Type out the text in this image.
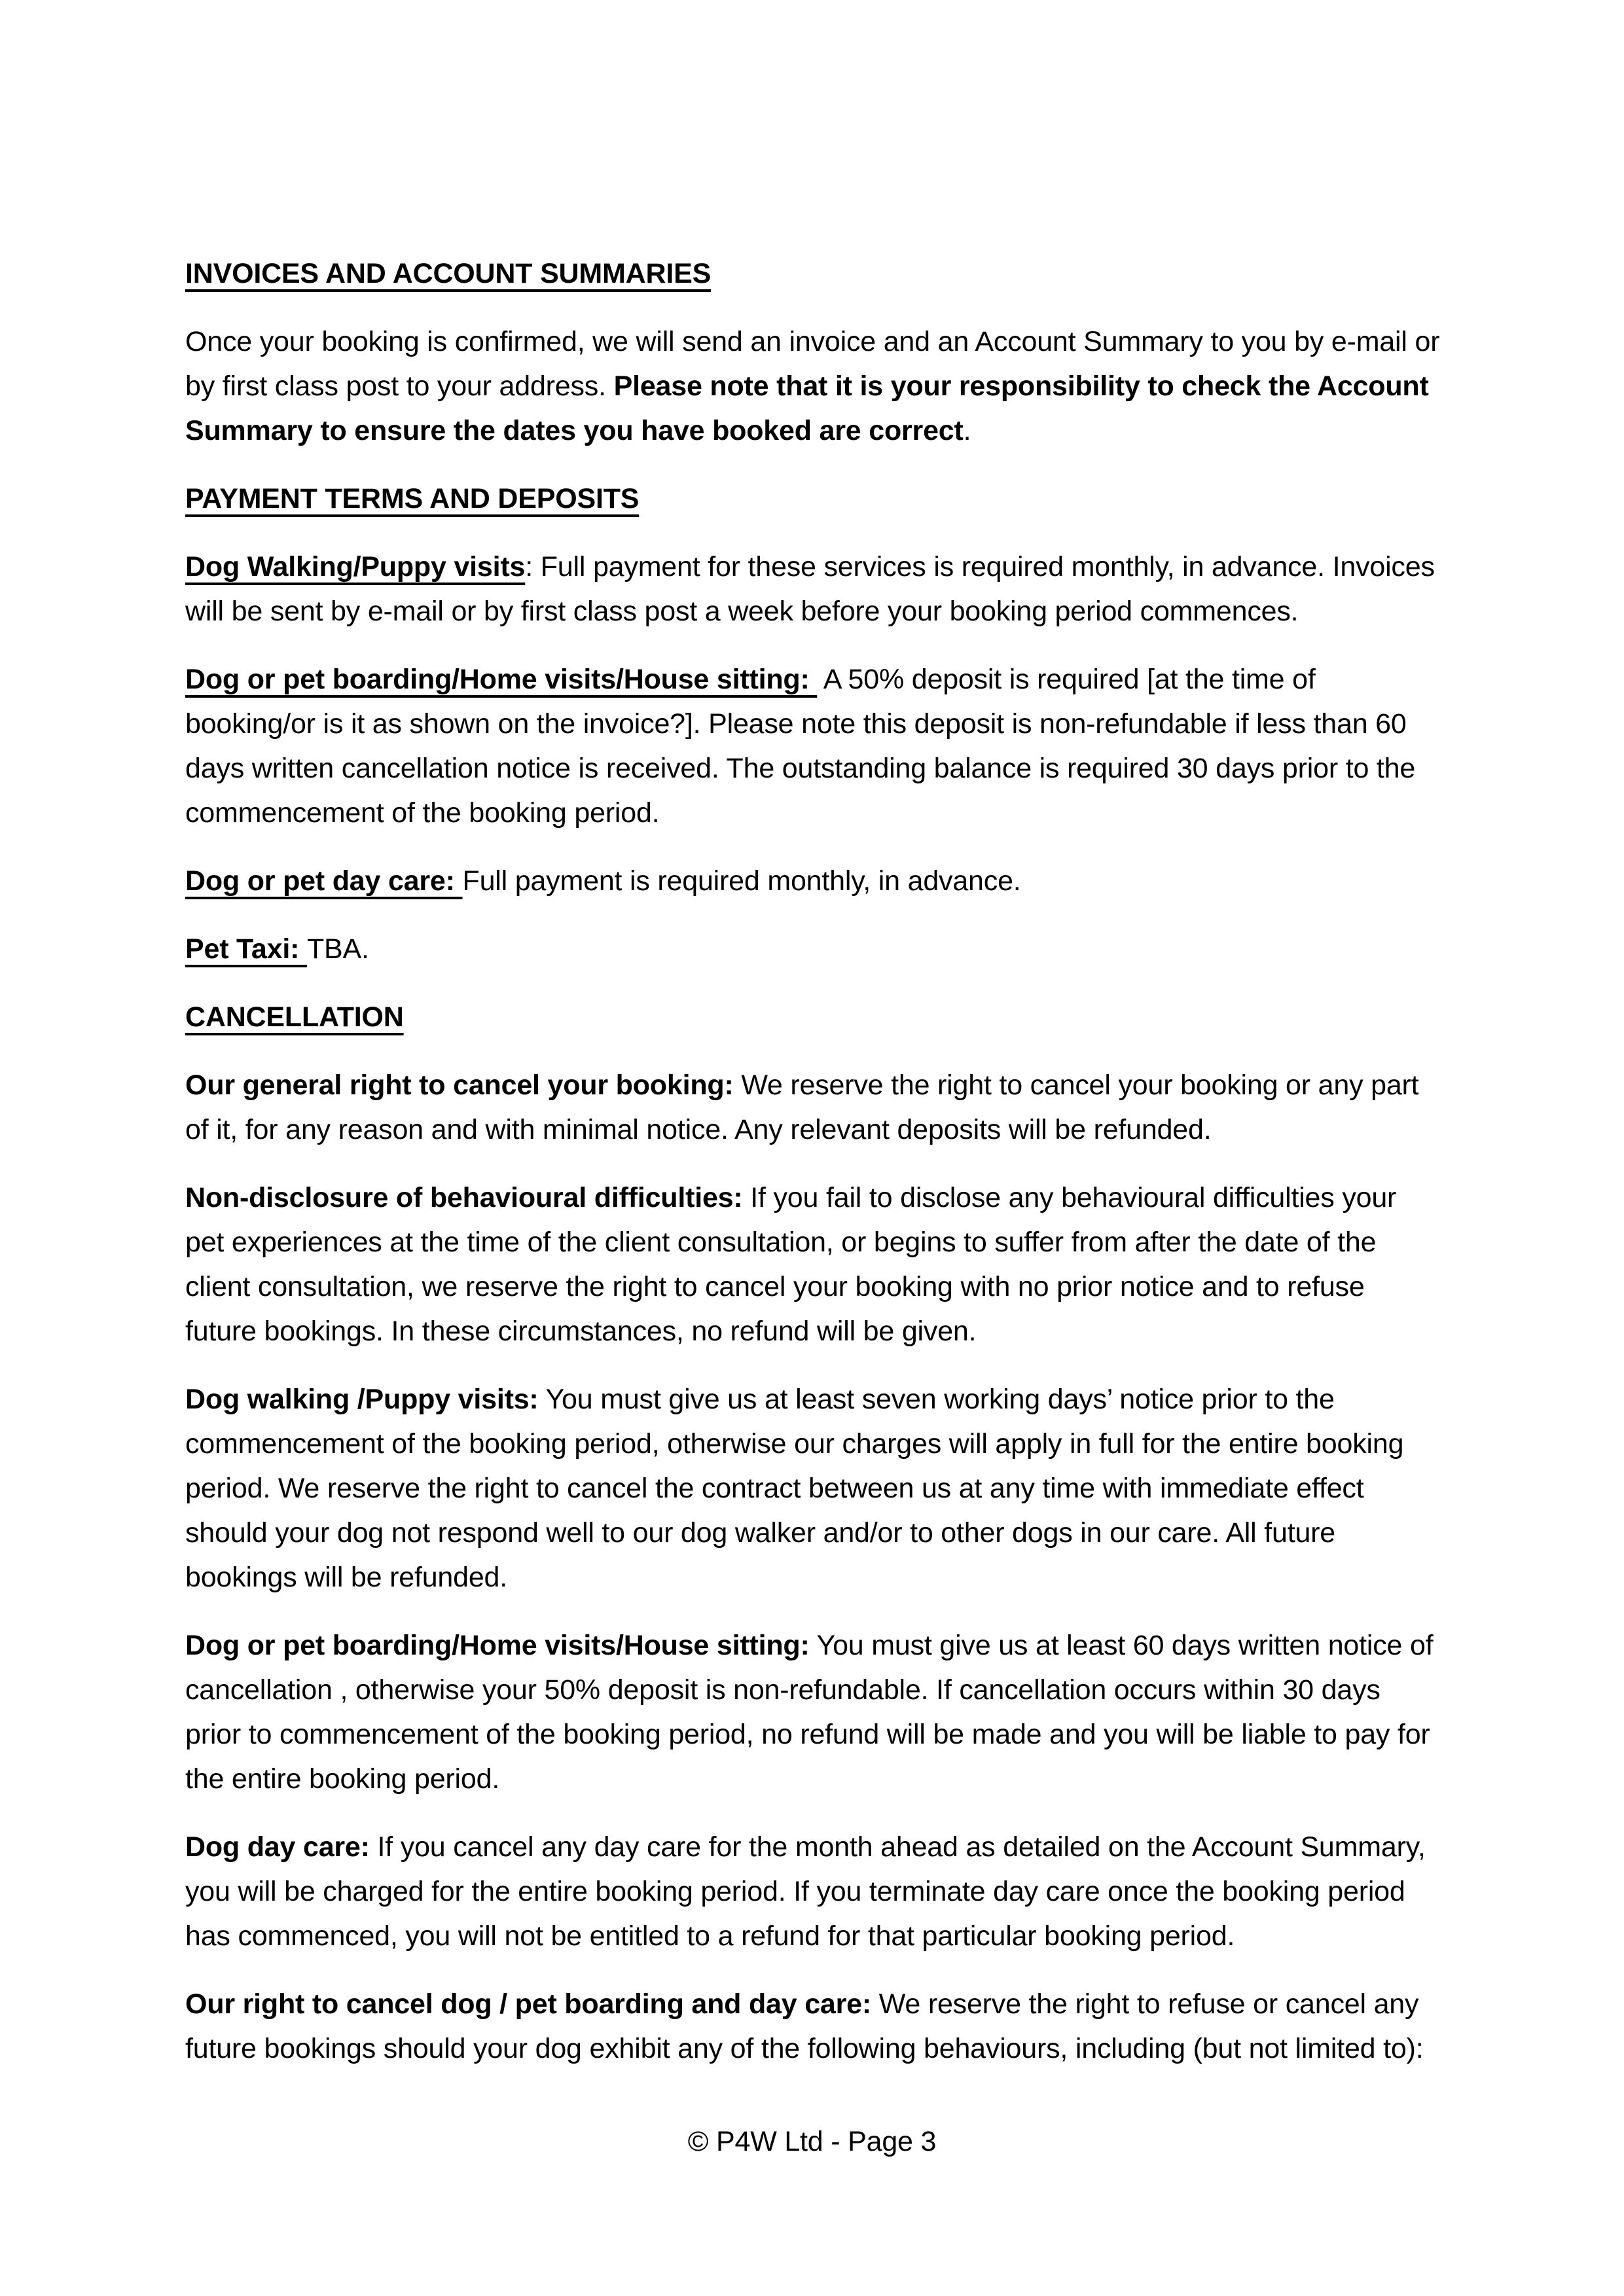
INVOICES AND ACCOUNT SUMMARIES

Once your booking is confirmed, we will send an invoice and an Account Summary to you by e-mail or by first class post to your address. Please note that it is your responsibility to check the Account Summary to ensure the dates you have booked are correct.

PAYMENT TERMS AND DEPOSITS

Dog Walking/Puppy visits: Full payment for these services is required monthly, in advance. Invoices will be sent by e-mail or by first class post a week before your booking period commences.

Dog or pet boarding/Home visits/House sitting:  A 50% deposit is required [at the time of booking/or is it as shown on the invoice?]. Please note this deposit is non-refundable if less than 60 days written cancellation notice is received. The outstanding balance is required 30 days prior to the commencement of the booking period.

Dog or pet day care: Full payment is required monthly, in advance.

Pet Taxi: TBA.

CANCELLATION

Our general right to cancel your booking: We reserve the right to cancel your booking or any part of it, for any reason and with minimal notice. Any relevant deposits will be refunded.

Non-disclosure of behavioural difficulties: If you fail to disclose any behavioural difficulties your pet experiences at the time of the client consultation, or begins to suffer from after the date of the client consultation, we reserve the right to cancel your booking with no prior notice and to refuse future bookings. In these circumstances, no refund will be given.

Dog walking /Puppy visits: You must give us at least seven working days’ notice prior to the commencement of the booking period, otherwise our charges will apply in full for the entire booking period. We reserve the right to cancel the contract between us at any time with immediate effect should your dog not respond well to our dog walker and/or to other dogs in our care. All future bookings will be refunded.

Dog or pet boarding/Home visits/House sitting: You must give us at least 60 days written notice of cancellation , otherwise your 50% deposit is non-refundable. If cancellation occurs within 30 days prior to commencement of the booking period, no refund will be made and you will be liable to pay for the entire booking period.

Dog day care: If you cancel any day care for the month ahead as detailed on the Account Summary, you will be charged for the entire booking period. If you terminate day care once the booking period has commenced, you will not be entitled to a refund for that particular booking period.

Our right to cancel dog / pet boarding and day care: We reserve the right to refuse or cancel any future bookings should your dog exhibit any of the following behaviours, including (but not limited to):

© P4W Ltd - Page 3
